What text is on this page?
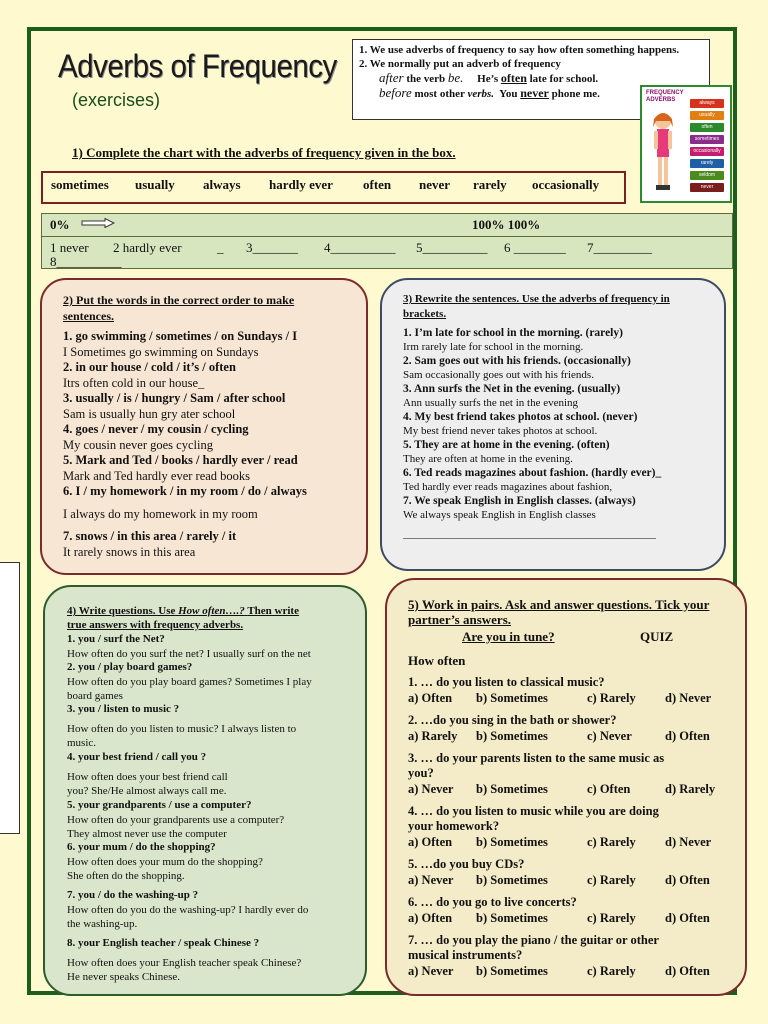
Adverbs of Frequency
(exercises)
1. We use adverbs of frequency to say how often something happens.
2. We normally put an adverb of frequency
after the verb be. He’s often late for school.
before most other verbs. You never phone me.	FREQUENCY ADVERBS	always
usually
often
sometimes
occasionally
rarely
seldom
never
1) Complete the chart with the adverbs of frequency given in the box.
sometimes usually always hardly ever often never rarely occasionally
0%	100% 100%
1 never 2 hardly ever	_ 3_______ 4__________ 5__________ 6 ________ 7_________
8__________
2) Put the words in the correct order to make sentences.
1. go swimming / sometimes / on Sundays / I
I Sometimes go swimming on Sundays
2. in our house / cold / it’s / often
Itrs often cold in our house_
3. usually / is / hungry / Sam / after school
Sam is usually hun gry ater school
4. goes / never / my cousin / cycling
My cousin never goes cycling
5. Mark and Ted / books / hardly ever / read
Mark and Ted hardly ever read books
6. I / my homework / in my room / do / always
I always do my homework in my room
7. snows / in this area / rarely / it
It rarely snows in this area
3) Rewrite the sentences. Use the adverbs of frequency in brackets.
1. I’m late for school in the morning. (rarely)
Irm rarely late for school in the morning.
2. Sam goes out with his friends. (occasionally)
Sam occasionally goes out with his friends.
3. Ann surfs the Net in the evening. (usually)
Ann usually surfs the net in the evening
4. My best friend takes photos at school. (never)
My best friend never takes photos at school.
5. They are at home in the evening. (often)
They are often at home in the evening.
6. Ted reads magazines about fashion. (hardly ever)_
Ted hardly ever reads magazines about fashion,
7. We speak English in English classes. (always)
We always speak English in English classes
______________________________________________
4) Write questions. Use How often….? Then write
true answers with frequency adverbs.
1. you / surf the Net?
How often do you surf the net? I usually surf on the net
2. you / play board games?
How often do you play board games? Sometimes I play
board games
3. you / listen to music ?
How often do you listen to music? I always listen to
music.
4. your best friend / call you ?
How often does your best friend call
you? She/He almost always call me.
5. your grandparents / use a computer?
How often do your grandparents use a computer?
They almost never use the computer
6. your mum / do the shopping?
How often does your mum do the shopping?
She often do the shopping.
7. you / do the washing-up ?
How often do you do the washing-up? I hardly ever do
the washing-up.
8. your English teacher / speak Chinese ?
How often does your English teacher speak Chinese?
He never speaks Chinese.
5) Work in pairs. Ask and answer questions. Tick your partner’s answers.
Are you in tune?	QUIZ
How often
1. … do you listen to classical music?
a) Often b) Sometimes	c) Rarely d) Never
2. …do you sing in the bath or shower?
a) Rarely b) Sometimes	c) Never	d) Often
3. … do your parents listen to the same music as
you?
a) Never b) Sometimes	c) Often	d) Rarely
4. … do you listen to music while you are doing
your homework?
a) Often b) Sometimes	c) Rarely d) Never
5. …do you buy CDs?
a) Never b) Sometimes	c) Rarely d) Often
6. … do you go to live concerts?
a) Often b) Sometimes	c) Rarely d) Often
7. … do you play the piano / the guitar or other
musical instruments?
a) Never b) Sometimes	c) Rarely d) Often
